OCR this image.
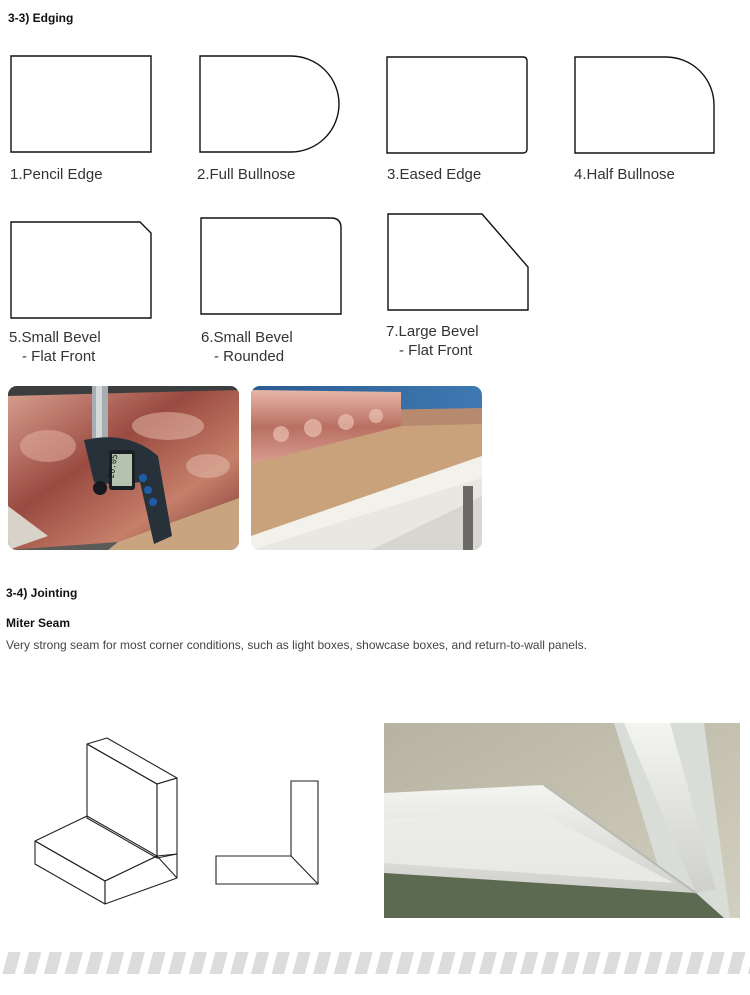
3-3) Edging
1.Pencil Edge	2.Full Bullnose	3.Eased Edge	4.Half Bullnose
5.Small Bevel
- Flat Front
6.Small Bevel
- Rounded
7.Large Bevel
- Flat Front
20.05
3-4) Jointing
Miter Seam
Very strong seam for most corner conditions, such as light boxes, showcase boxes, and return-to-wall panels.
